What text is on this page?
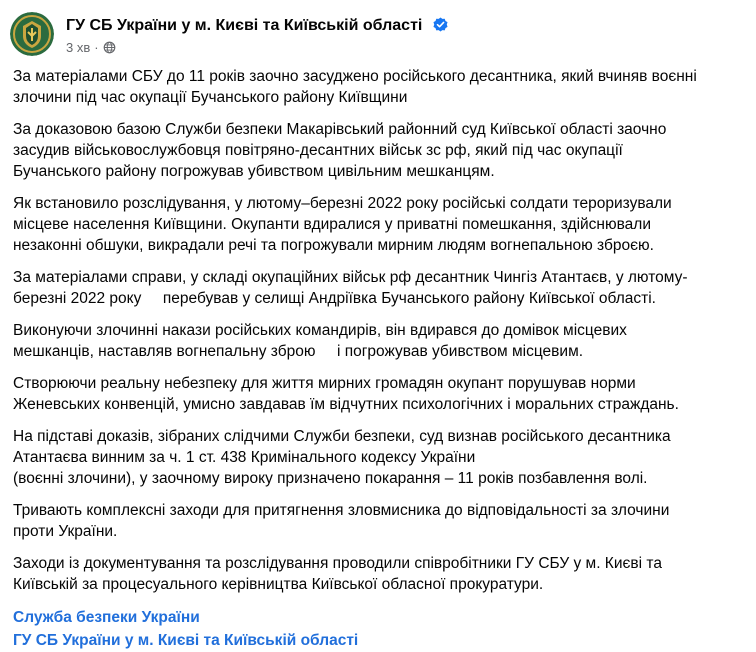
ГУ СБ України у м. Києві та Київській області
3 хв ·

За матеріалами СБУ до 11 років заочно засуджено російського десантника, який вчиняв воєнні
злочини під час окупації Бучанського району Київщини

За доказовою базою Служби безпеки Макарівський районний суд Київської області заочно
засудив військовослужбовця повітряно-десантних військ зс рф, який під час окупації
Бучанського району погрожував убивством цивільним мешканцям.

Як встановило розслідування, у лютому–березні 2022 року російські солдати тероризували
місцеве населення Київщини. Окупанти вдиралися у приватні помешкання, здійснювали
незаконні обшуки, викрадали речі та погрожували мирним людям вогнепальною зброєю.

За матеріалами справи, у складі окупаційних військ рф десантник Чингіз Атантаєв, у лютому-
березні 2022 року     перебував у селищі Андріївка Бучанського району Київської області.

Виконуючи злочинні накази російських командирів, він вдирався до домівок місцевих
мешканців, наставляв вогнепальну зброю     і погрожував убивством місцевим.

Створюючи реальну небезпеку для життя мирних громадян окупант порушував норми
Женевських конвенцій, умисно завдавав їм відчутних психологічних і моральних страждань.

На підставі доказів, зібраних слідчими Служби безпеки, суд визнав російського десантника
Атантаєва винним за ч. 1 ст. 438 Кримінального кодексу України
(воєнні злочини), у заочному вироку призначено покарання – 11 років позбавлення волі.

Тривають комплексні заходи для притягнення зловмисника до відповідальності за злочини
проти України.

Заходи із документування та розслідування проводили співробітники ГУ СБУ у м. Києві та
Київській за процесуального керівництва Київської обласної прокуратури.

Служба безпеки України
ГУ СБ України у м. Києві та Київській області
